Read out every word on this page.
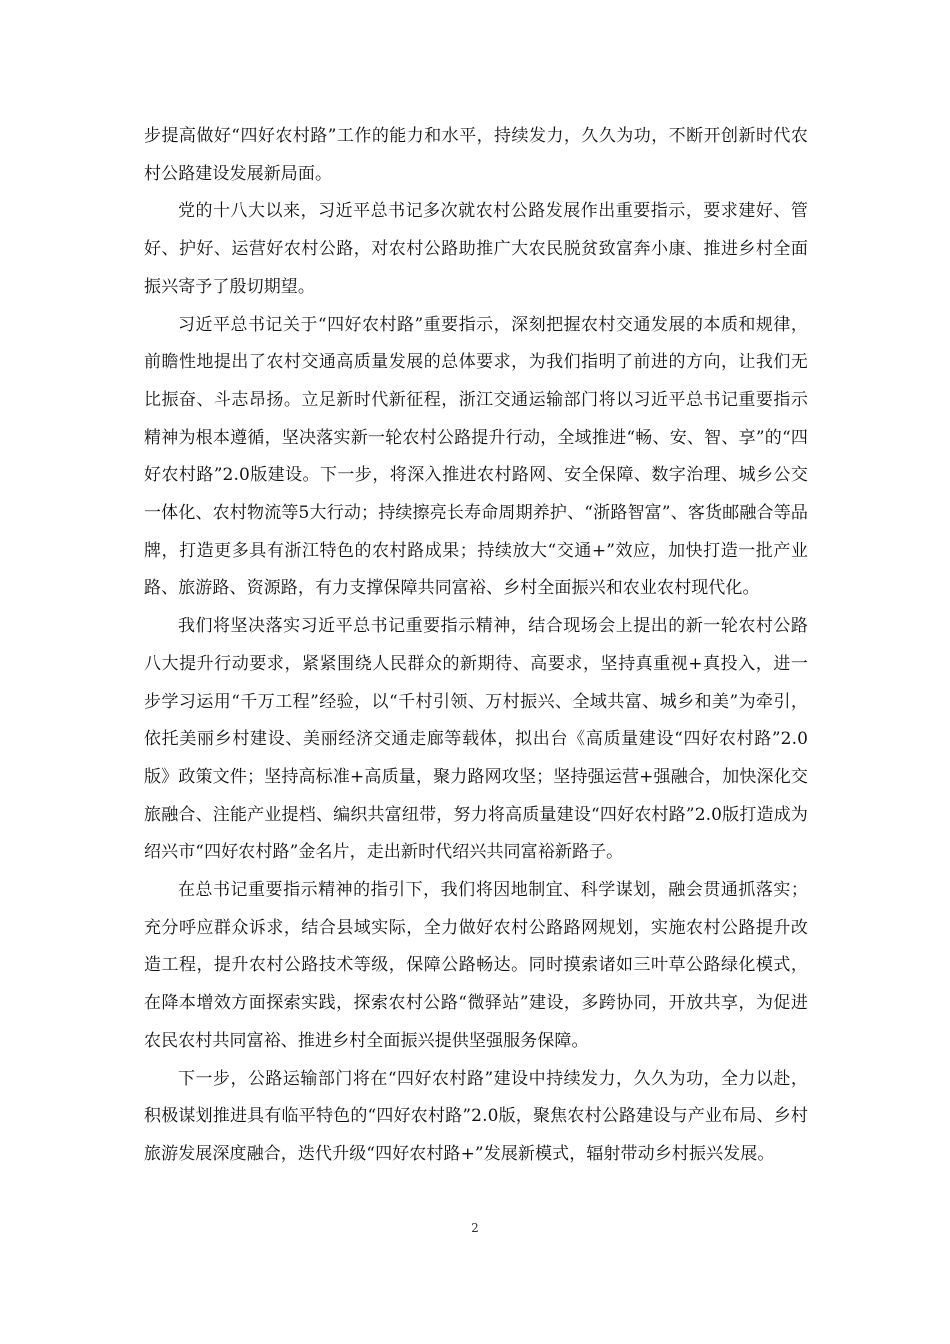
步提高做好“四好农村路”工作的能力和水平，持续发力，久久为功，不断开创新时代农村公路建设发展新局面。

党的十八大以来，习近平总书记多次就农村公路发展作出重要指示，要求建好、管好、护好、运营好农村公路，对农村公路助推广大农民脱贫致富奔小康、推进乡村全面振兴寄予了殷切期望。

习近平总书记关于“四好农村路”重要指示，深刻把握农村交通发展的本质和规律，前瞻性地提出了农村交通高质量发展的总体要求，为我们指明了前进的方向，让我们无比振奋、斗志昂扬。立足新时代新征程，浙江交通运输部门将以习近平总书记重要指示精神为根本遵循，坚决落实新一轮农村公路提升行动，全域推进“畅、安、智、享”的“四好农村路”2.0版建设。下一步，将深入推进农村路网、安全保障、数字治理、城乡公交一体化、农村物流等5大行动；持续擦亮长寿命周期养护、“浙路智富”、客货邮融合等品牌，打造更多具有浙江特色的农村路成果；持续放大“交通+”效应，加快打造一批产业路、旅游路、资源路，有力支撑保障共同富裕、乡村全面振兴和农业农村现代化。

我们将坚决落实习近平总书记重要指示精神，结合现场会上提出的新一轮农村公路八大提升行动要求，紧紧围绕人民群众的新期待、高要求，坚持真重视+真投入，进一步学习运用“千万工程”经验，以“千村引领、万村振兴、全域共富、城乡和美”为牵引，依托美丽乡村建设、美丽经济交通走廊等载体，拟出台《高质量建设“四好农村路”2.0版》政策文件；坚持高标准+高质量，聚力路网攻坚；坚持强运营+强融合，加快深化交旅融合、注能产业提档、编织共富纽带，努力将高质量建设“四好农村路”2.0版打造成为绍兴市“四好农村路”金名片，走出新时代绍兴共同富裕新路子。

在总书记重要指示精神的指引下，我们将因地制宜、科学谋划，融会贯通抓落实；充分呼应群众诉求，结合县域实际，全力做好农村公路路网规划，实施农村公路提升改造工程，提升农村公路技术等级，保障公路畅达。同时摸索诸如三叶草公路绿化模式，在降本增效方面探索实践，探索农村公路“微驿站”建设，多跨协同，开放共享，为促进农民农村共同富裕、推进乡村全面振兴提供坚强服务保障。

下一步，公路运输部门将在“四好农村路”建设中持续发力，久久为功，全力以赴，积极谋划推进具有临平特色的“四好农村路”2.0版，聚焦农村公路建设与产业布局、乡村旅游发展深度融合，迭代升级“四好农村路+”发展新模式，辐射带动乡村振兴发展。

2
